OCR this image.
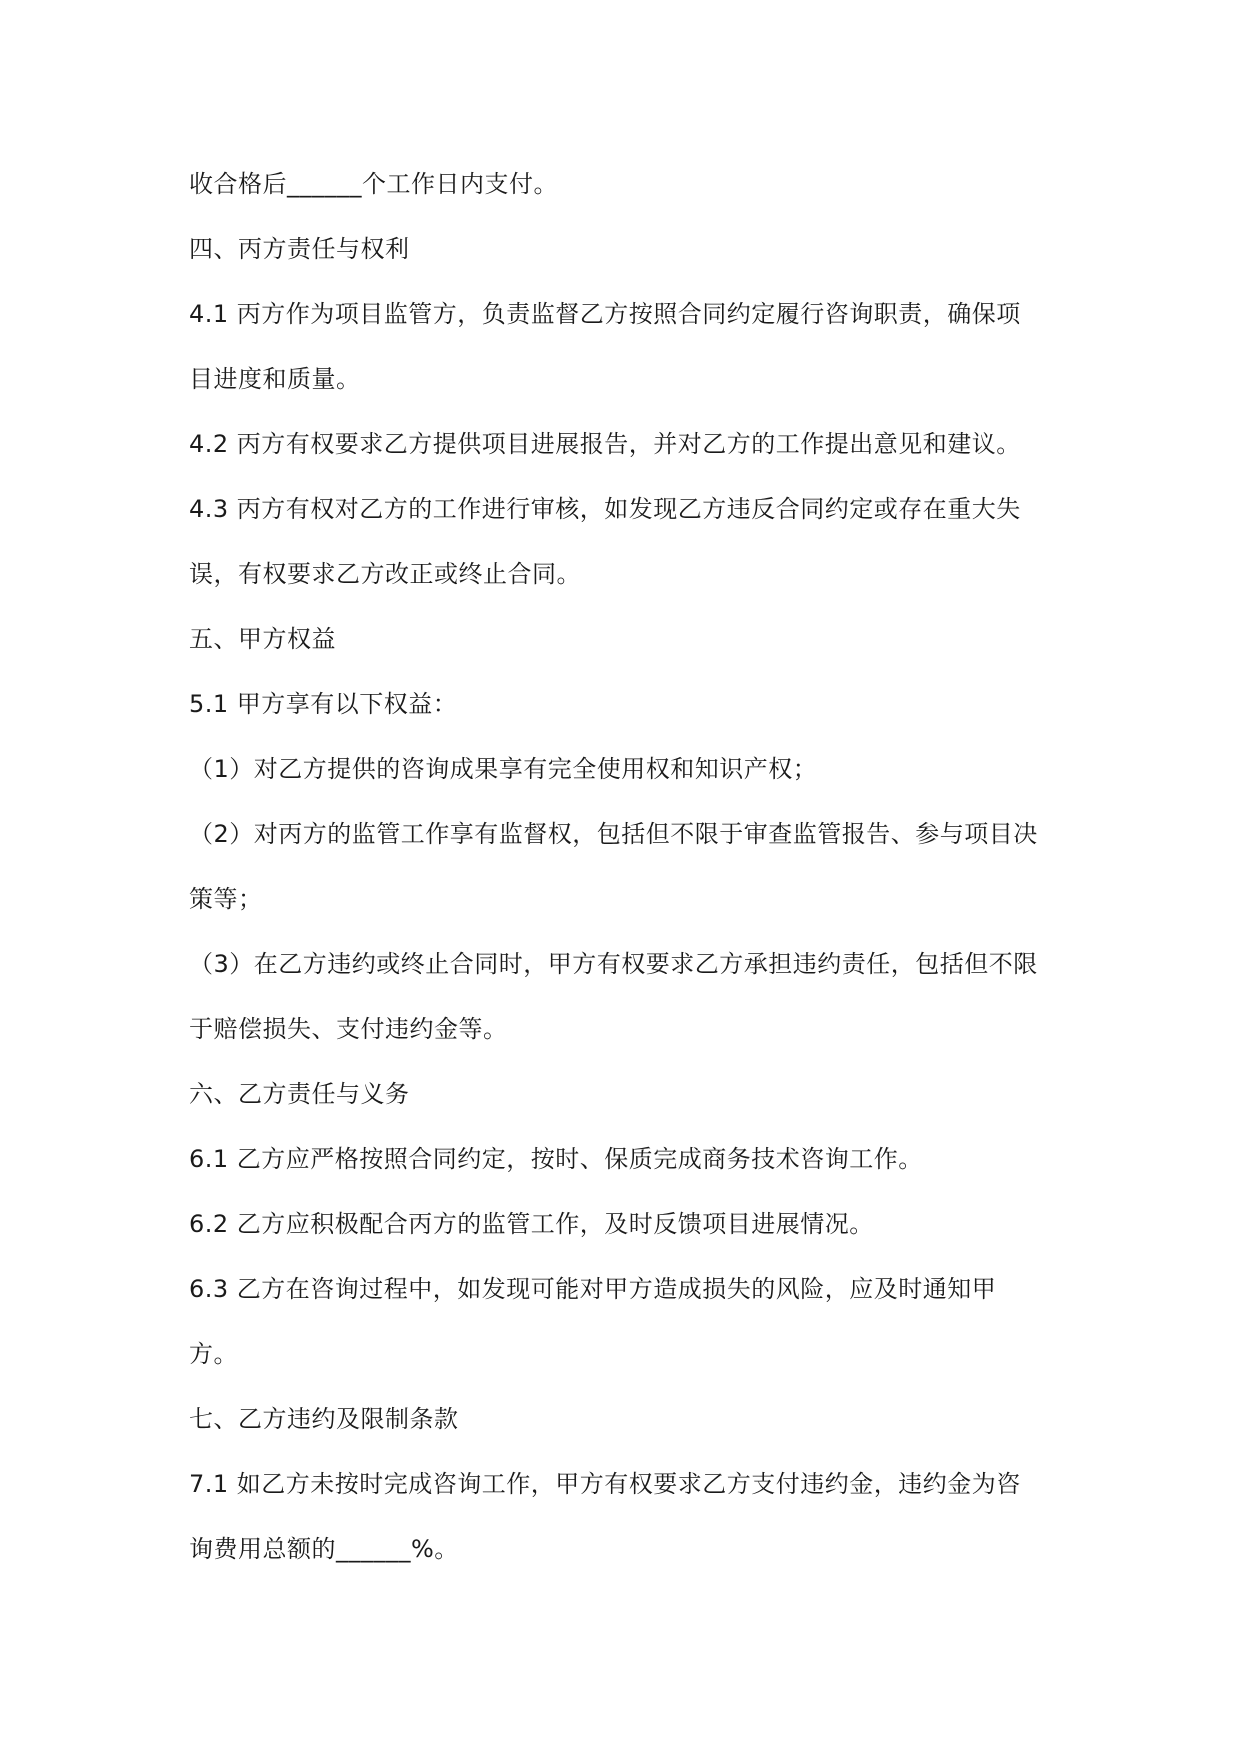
收合格后______个工作日内支付。
四、丙方责任与权利
4.1 丙方作为项目监管方，负责监督乙方按照合同约定履行咨询职责，确保项
目进度和质量。
4.2 丙方有权要求乙方提供项目进展报告，并对乙方的工作提出意见和建议。
4.3 丙方有权对乙方的工作进行审核，如发现乙方违反合同约定或存在重大失
误，有权要求乙方改正或终止合同。
五、甲方权益
5.1 甲方享有以下权益：
（1）对乙方提供的咨询成果享有完全使用权和知识产权；
（2）对丙方的监管工作享有监督权，包括但不限于审查监管报告、参与项目决
策等；
（3）在乙方违约或终止合同时，甲方有权要求乙方承担违约责任，包括但不限
于赔偿损失、支付违约金等。
六、乙方责任与义务
6.1 乙方应严格按照合同约定，按时、保质完成商务技术咨询工作。
6.2 乙方应积极配合丙方的监管工作，及时反馈项目进展情况。
6.3 乙方在咨询过程中，如发现可能对甲方造成损失的风险，应及时通知甲
方。
七、乙方违约及限制条款
7.1 如乙方未按时完成咨询工作，甲方有权要求乙方支付违约金，违约金为咨
询费用总额的______%。
